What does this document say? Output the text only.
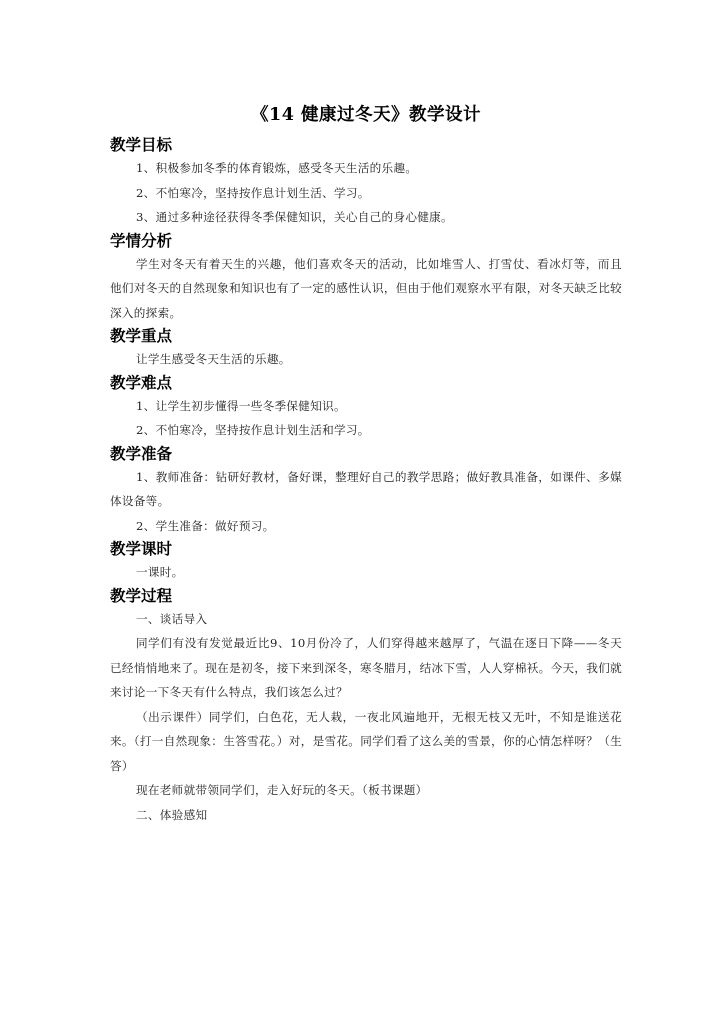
《14 健康过冬天》教学设计
教学目标

1、积极参加冬季的体育锻炼，感受冬天生活的乐趣。

2、不怕寒冷，坚持按作息计划生活、学习。

3、通过多种途径获得冬季保健知识，关心自己的身心健康。

学情分析

学生对冬天有着天生的兴趣，他们喜欢冬天的活动，比如堆雪人、打雪仗、看冰灯等，而且他们对冬天的自然现象和知识也有了一定的感性认识，但由于他们观察水平有限，对冬天缺乏比较深入的探索。

教学重点

让学生感受冬天生活的乐趣。

教学难点

1、让学生初步懂得一些冬季保健知识。

2、不怕寒冷，坚持按作息计划生活和学习。

教学准备

1、教师准备：钻研好教材，备好课，整理好自己的教学思路；做好教具准备，如课件、多媒体设备等。

2、学生准备：做好预习。

教学课时

一课时。

教学过程

一、谈话导入

同学们有没有发觉最近比9、10月份冷了，人们穿得越来越厚了，气温在逐日下降——冬天已经悄悄地来了。现在是初冬，接下来到深冬，寒冬腊月，结冰下雪，人人穿棉袄。今天，我们就来讨论一下冬天有什么特点，我们该怎么过？

（出示课件）同学们，白色花，无人栽，一夜北风遍地开，无根无枝又无叶，不知是谁送花来。（打一自然现象：生答雪花。）对，是雪花。同学们看了这么美的雪景，你的心情怎样呀？（生答）

现在老师就带领同学们，走入好玩的冬天。（板书课题）

二、体验感知
